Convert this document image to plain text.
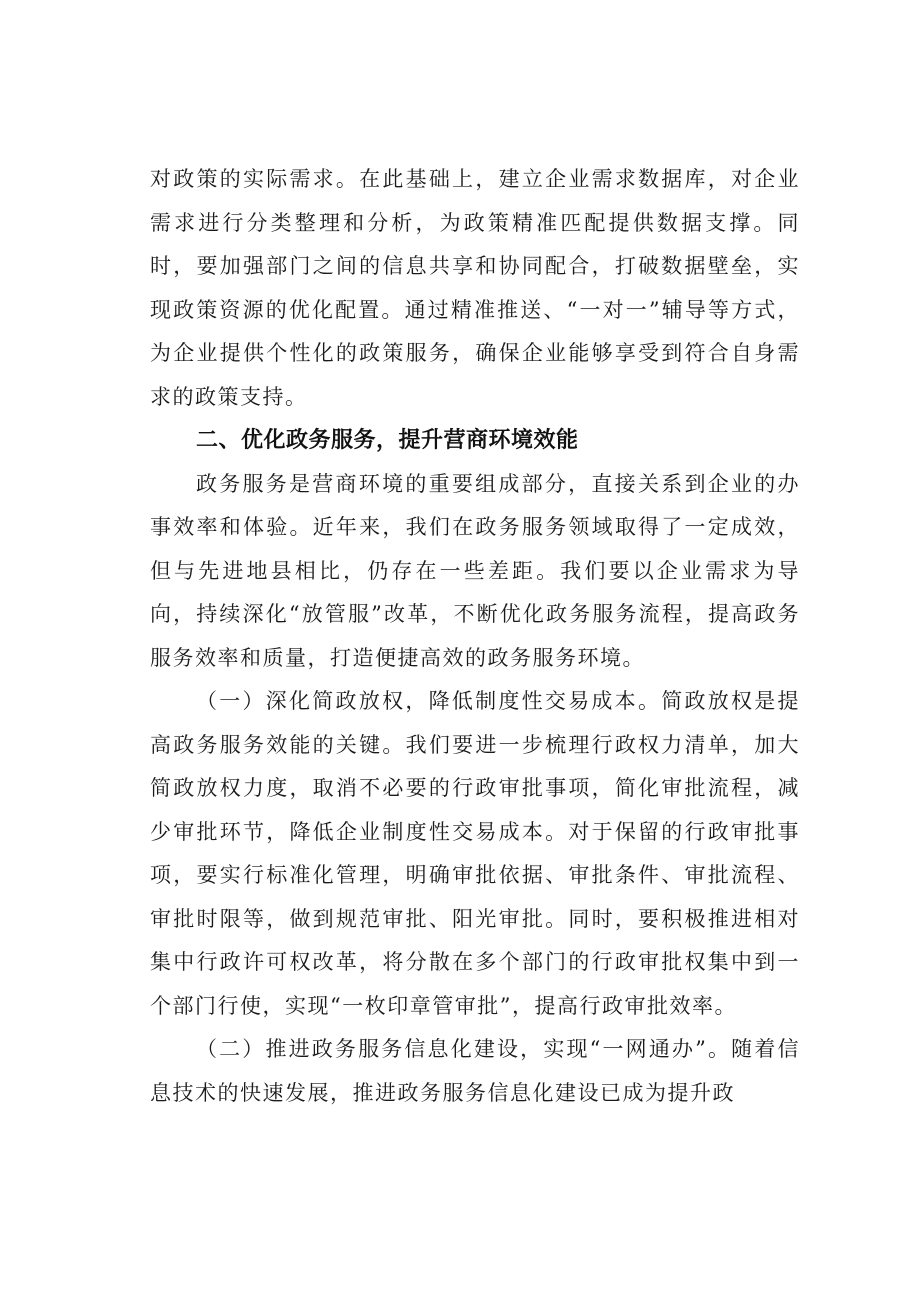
对政策的实际需求。在此基础上，建立企业需求数据库，对企业需求进行分类整理和分析，为政策精准匹配提供数据支撑。同时，要加强部门之间的信息共享和协同配合，打破数据壁垒，实现政策资源的优化配置。通过精准推送、“一对一”辅导等方式，为企业提供个性化的政策服务，确保企业能够享受到符合自身需求的政策支持。

二、优化政务服务，提升营商环境效能

政务服务是营商环境的重要组成部分，直接关系到企业的办事效率和体验。近年来，我们在政务服务领域取得了一定成效，但与先进地县相比，仍存在一些差距。我们要以企业需求为导向，持续深化“放管服”改革，不断优化政务服务流程，提高政务服务效率和质量，打造便捷高效的政务服务环境。

（一）深化简政放权，降低制度性交易成本。简政放权是提高政务服务效能的关键。我们要进一步梳理行政权力清单，加大简政放权力度，取消不必要的行政审批事项，简化审批流程，减少审批环节，降低企业制度性交易成本。对于保留的行政审批事项，要实行标准化管理，明确审批依据、审批条件、审批流程、审批时限等，做到规范审批、阳光审批。同时，要积极推进相对集中行政许可权改革，将分散在多个部门的行政审批权集中到一个部门行使，实现“一枚印章管审批”，提高行政审批效率。

（二）推进政务服务信息化建设，实现“一网通办”。随着信息技术的快速发展，推进政务服务信息化建设已成为提升政
